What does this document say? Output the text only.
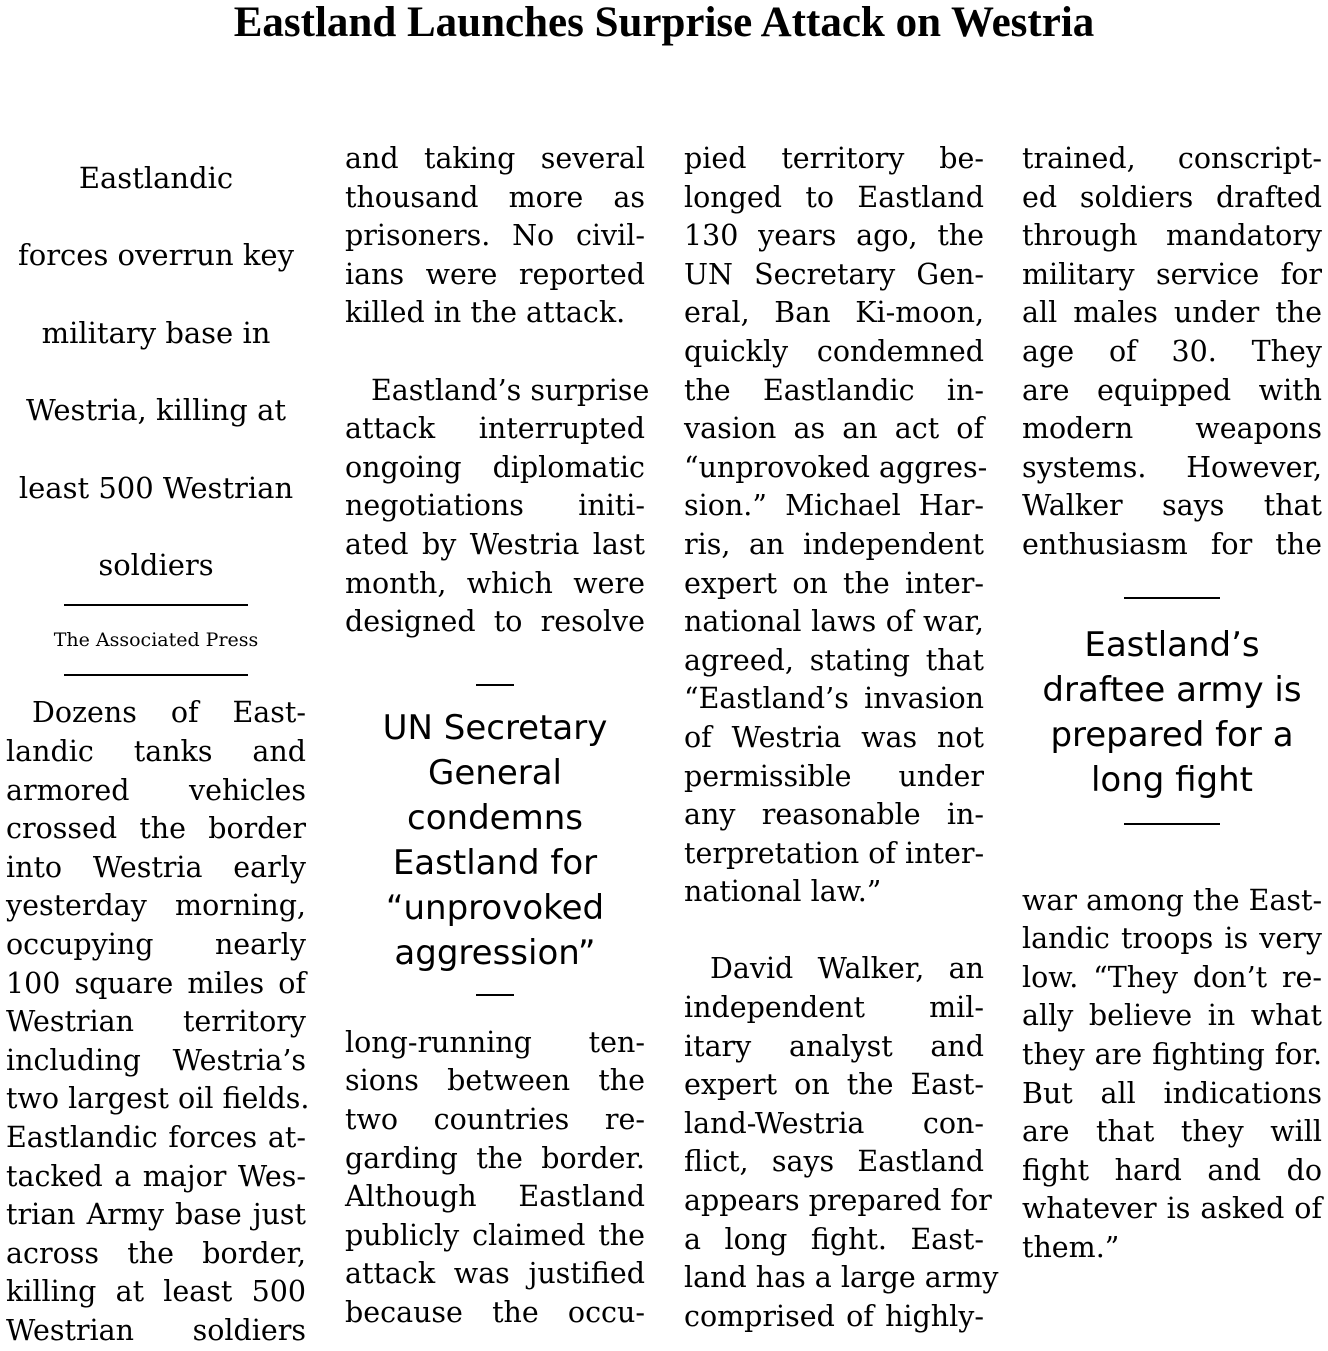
Eastland Launches Surprise Attack on Westria
Eastlandic
forces overrun key
military base in
Westria, killing at
least 500 Westrian
soldiers
The Associated Press
Dozens of East-
landic tanks and
armored vehicles
crossed the border
into Westria early
yesterday morning,
occupying nearly
100 square miles of
Westrian territory
including Westria’s
two largest oil fields.
Eastlandic forces at-
tacked a major Wes-
trian Army base just
across the border,
killing at least 500
Westrian soldiers
and taking several
thousand more as
prisoners. No civil-
ians were reported
killed in the attack.
Eastland’s surprise
attack interrupted
ongoing diplomatic
negotiations initi-
ated by Westria last
month, which were
designed to resolve
UN Secretary
General
condemns
Eastland for
“unprovoked
aggression”
long-running ten-
sions between the
two countries re-
garding the border.
Although Eastland
publicly claimed the
attack was justified
because the occu-
pied territory be-
longed to Eastland
130 years ago, the
UN Secretary Gen-
eral, Ban Ki-moon,
quickly condemned
the Eastlandic in-
vasion as an act of
“unprovoked aggres-
sion.” Michael Har-
ris, an independent
expert on the inter-
national laws of war,
agreed, stating that
“Eastland’s invasion
of Westria was not
permissible under
any reasonable in-
terpretation of inter-
national law.”
David Walker, an
independent mil-
itary analyst and
expert on the East-
land-Westria con-
flict, says Eastland
appears prepared for
a long fight. East-
land has a large army
comprised of highly-
trained, conscript-
ed soldiers drafted
through mandatory
military service for
all males under the
age of 30. They
are equipped with
modern weapons
systems. However,
Walker says that
enthusiasm for the
Eastland’s
draftee army is
prepared for a
long fight
war among the East-
landic troops is very
low. “They don’t re-
ally believe in what
they are fighting for.
But all indications
are that they will
fight hard and do
whatever is asked of
them.”
